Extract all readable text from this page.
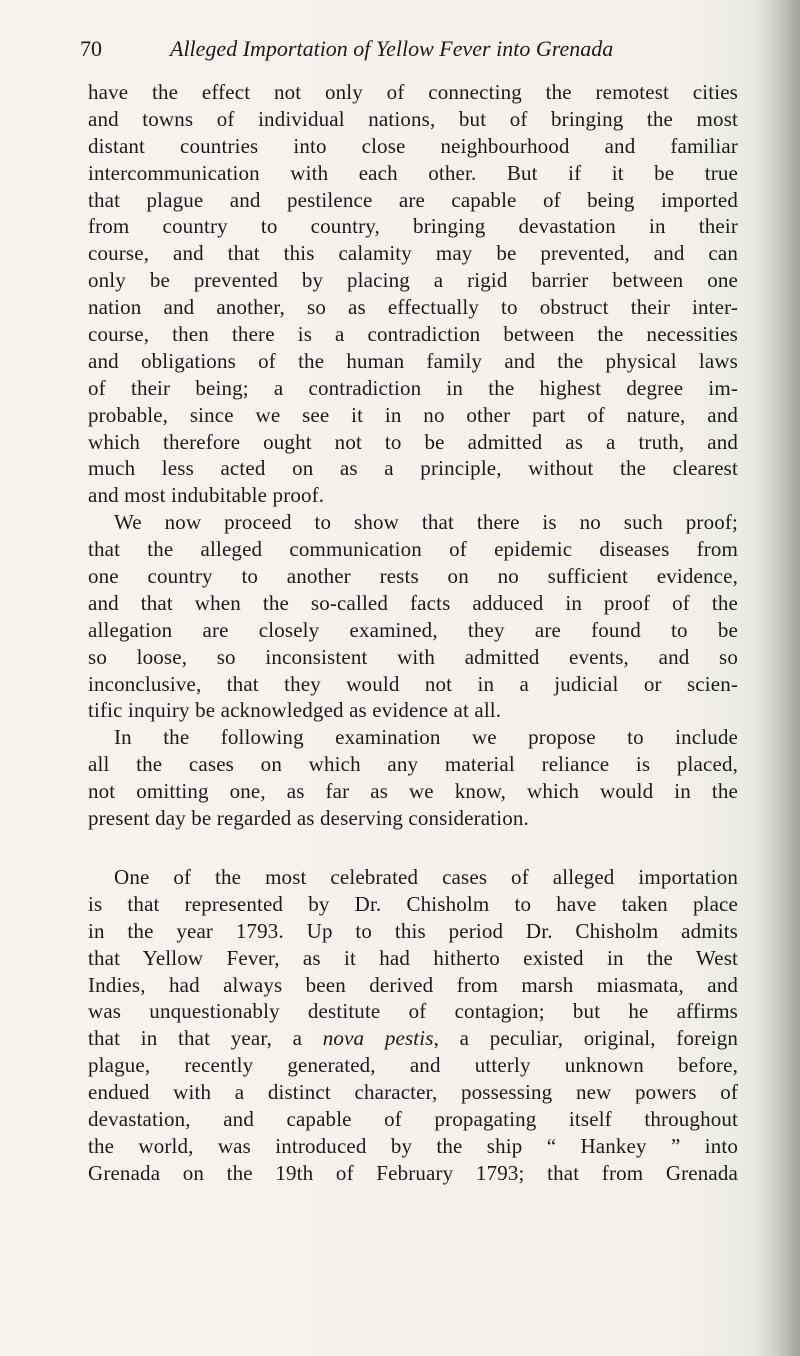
70	Alleged Importation of Yellow Fever into Grenada
have the effect not only of connecting the remotest cities
and towns of individual nations, but of bringing the most
distant countries into close neighbourhood and familiar
intercommunication with each other. But if it be true
that plague and pestilence are capable of being imported
from country to country, bringing devastation in their
course, and that this calamity may be prevented, and can
only be prevented by placing a rigid barrier between one
nation and another, so as effectually to obstruct their inter-
course, then there is a contradiction between the necessities
and obligations of the human family and the physical laws
of their being; a contradiction in the highest degree im-
probable, since we see it in no other part of nature, and
which therefore ought not to be admitted as a truth, and
much less acted on as a principle, without the clearest
and most indubitable proof.
We now proceed to show that there is no such proof;
that the alleged communication of epidemic diseases from
one country to another rests on no sufficient evidence,
and that when the so-called facts adduced in proof of the
allegation are closely examined, they are found to be
so loose, so inconsistent with admitted events, and so
inconclusive, that they would not in a judicial or scien-
tific inquiry be acknowledged as evidence at all.
In the following examination we propose to include
all the cases on which any material reliance is placed,
not omitting one, as far as we know, which would in the
present day be regarded as deserving consideration.
One of the most celebrated cases of alleged importation
is that represented by Dr. Chisholm to have taken place
in the year 1793. Up to this period Dr. Chisholm admits
that Yellow Fever, as it had hitherto existed in the West
Indies, had always been derived from marsh miasmata, and
was unquestionably destitute of contagion; but he affirms
that in that year, a nova pestis, a peculiar, original, foreign
plague, recently generated, and utterly unknown before,
endued with a distinct character, possessing new powers of
devastation, and capable of propagating itself throughout
the world, was introduced by the ship “ Hankey ” into
Grenada on the 19th of February 1793; that from Grenada
